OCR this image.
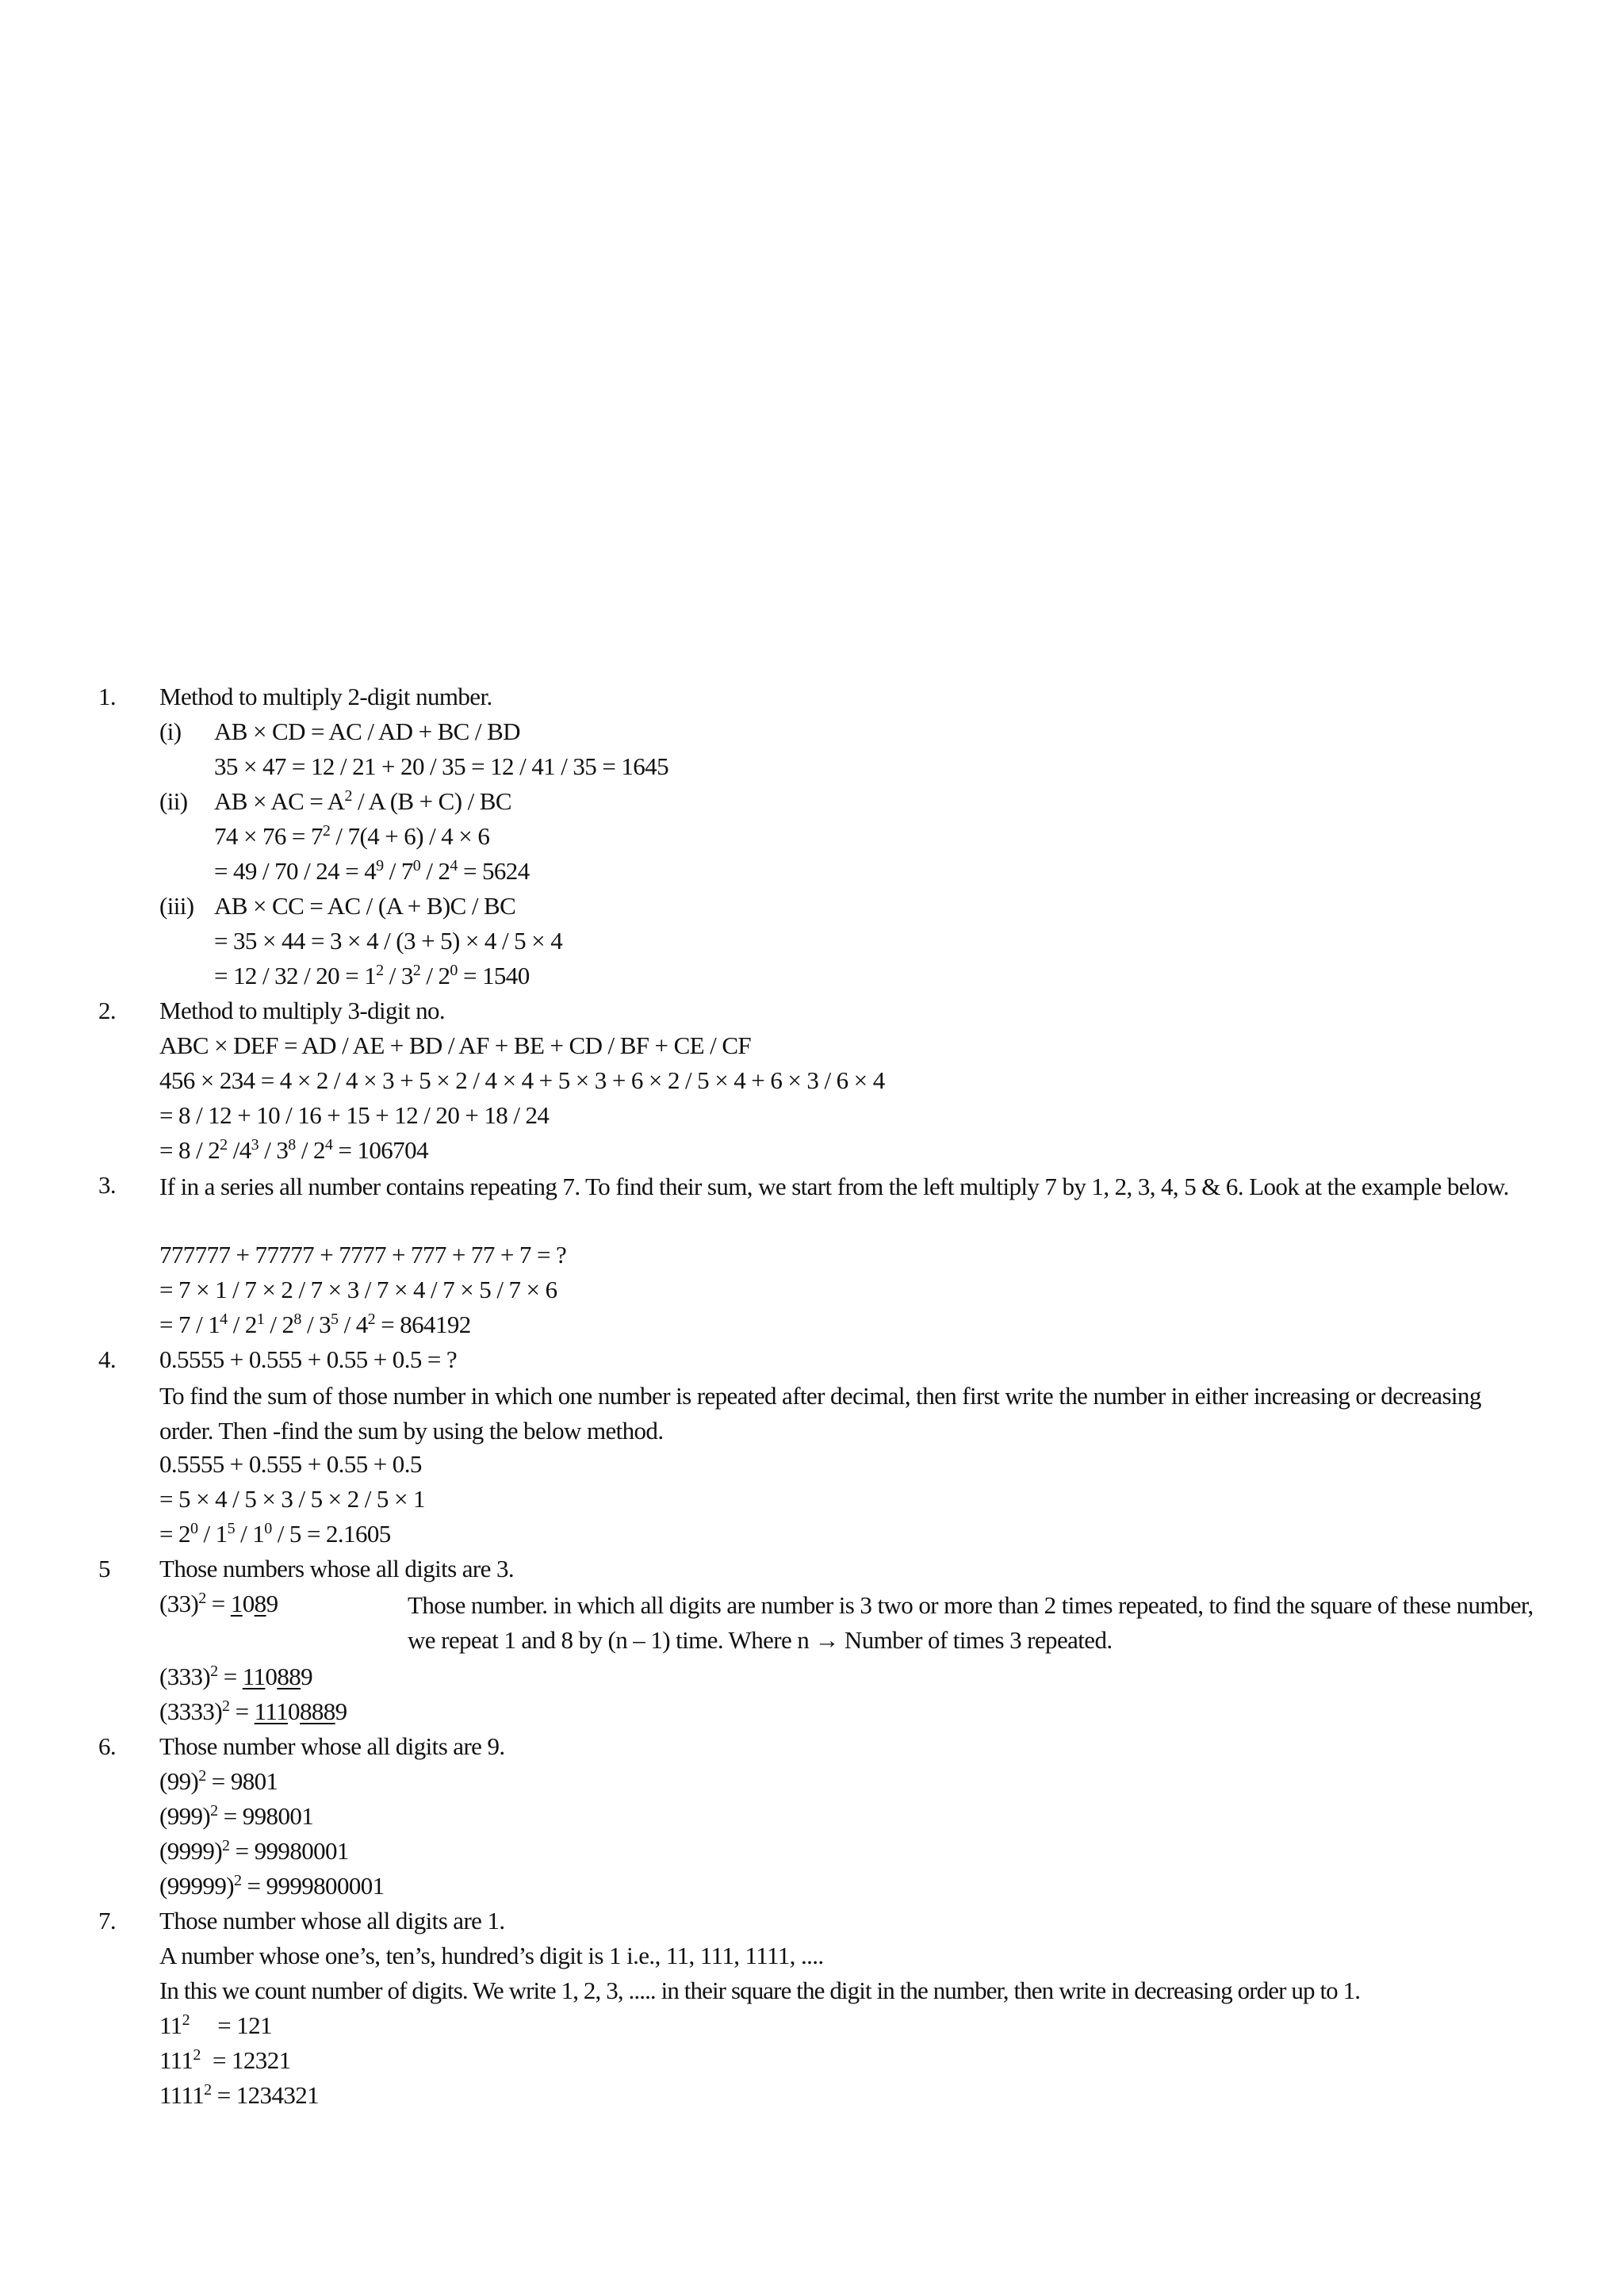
1. Method to multiply 2-digit number.
(i) AB × CD = AC / AD + BC / BD
35 × 47 = 12 / 21 + 20 / 35 = 12 / 41 / 35 = 1645
(ii) AB × AC = $A^2$ / A (B + C) / BC
$74 \times 76 = 7^2 / 7(4 + 6) / 4 \times 6$
= $49 / 70 / 24 = 4^9 / 7^0 / 2^4 = 5624$
(iii) AB × CC = AC / (A + B)C / BC
= 35 × 44 = 3 × 4 / (3 + 5) × 4 / 5 × 4
= $12 / 32 / 20 = 1^2 / 3^2 / 2^0 = 1540$
2. Method to multiply 3-digit no.
ABC × DEF = AD / AE + BD / AF + BE + CD / BF + CE / CF
456 × 234 = 4 × 2 / 4 × 3 + 5 × 2 / 4 × 4 + 5 × 3 + 6 × 2 / 5 × 4 + 6 × 3 / 6 × 4
= 8 / 12 + 10 / 16 + 15 + 12 / 20 + 18 / 24
= $8 / 2^2$ $/4^3 / 3^8 / 2^4 = 106704$
3. If in a series all number contains repeating 7. To find their sum, we start from the left multiply 7 by 1, 2, 3, 4, 5 & 6. Look at the example below.
777777 + 77777 + 7777 + 777 + 77 + 7 = ?
= 7 × 1 / 7 × 2 / 7 × 3 / 7 × 4 / 7 × 5 / 7 × 6
= $7 / 1^4 / 2^1 / 2^8 / 3^5 / 4^2 = 864192$
4. 0.5555 + 0.555 + 0.55 + 0.5 = ?
To find the sum of those number in which one number is repeated after decimal, then first write the number in either increasing or decreasing order. Then -find the sum by using the below method.
0.5555 + 0.555 + 0.55 + 0.5
= 5 × 4 / 5 × 3 / 5 × 2 / 5 × 1
= $2^0 / 1^5 / 1^0 / 5 = 2.1605$
5 Those numbers whose all digits are 3.
$(33)^2 = 1089$	Those number. in which all digits are number is 3 two or more than 2 times repeated, to find the square of these number, we repeat 1 and 8 by (n – 1) time. Where n → Number of times 3 repeated.
$(333)^2 = 110889$
$(3333)^2 = 11108889$
6. Those number whose all digits are 9.
$(99)^2 = 9801$
$(999)^2 = 998001$
$(9999)^2 = 99980001$
$(99999)^2 = 9999800001$
7. Those number whose all digits are 1.
A number whose one’s, ten’s, hundred’s digit is 1 i.e., 11, 111, 1111, ....
In this we count number of digits. We write 1, 2, 3, ..... in their square the digit in the number, then write in decreasing order up to 1.
$11^2 = 121$
$111^2 = 12321$
$1111^2 = 1234321$
